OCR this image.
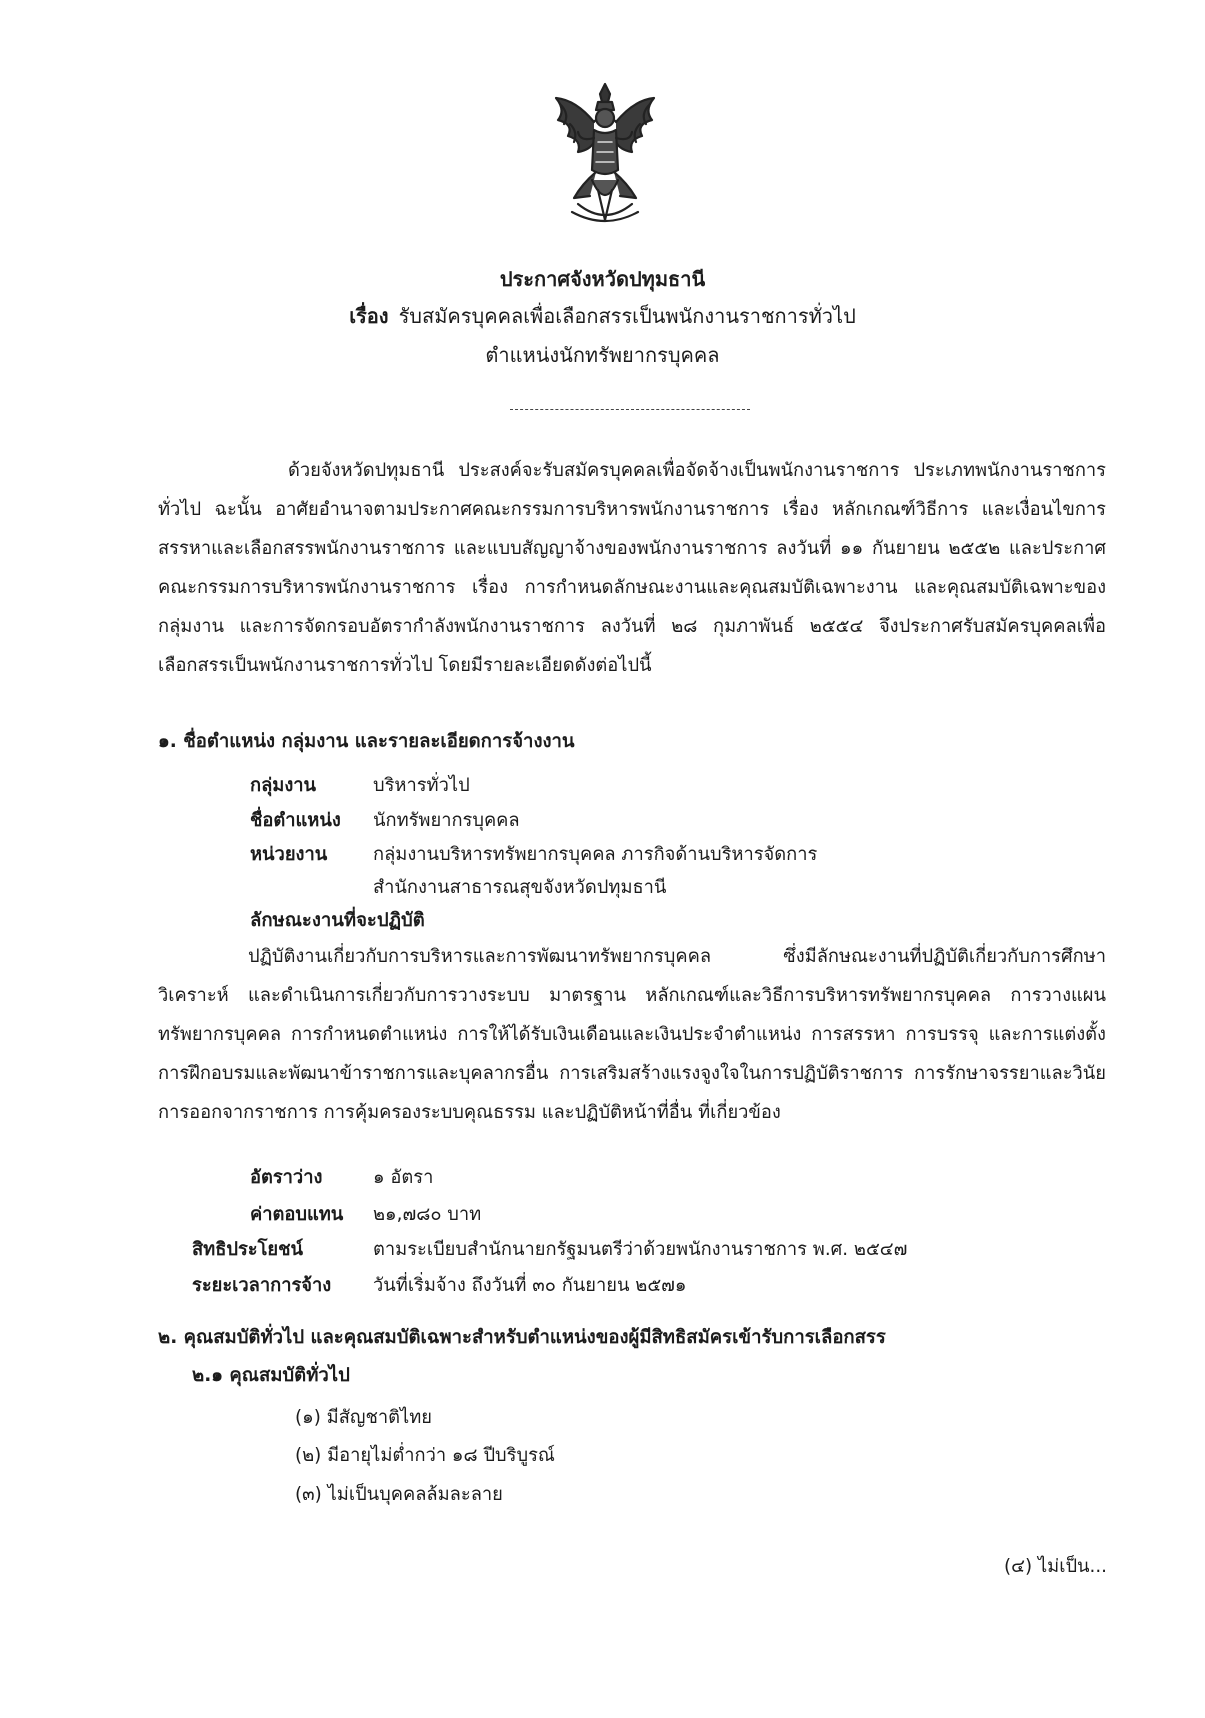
ประกาศจังหวัดปทุมธานี
เรื่อง รับสมัครบุคคลเพื่อเลือกสรรเป็นพนักงานราชการทั่วไป
ตำแหน่งนักทรัพยากรบุคคล

ด้วยจังหวัดปทุมธานี ประสงค์จะรับสมัครบุคคลเพื่อจัดจ้างเป็นพนักงานราชการ ประเภทพนักงานราชการทั่วไป ฉะนั้น อาศัยอำนาจตามประกาศคณะกรรมการบริหารพนักงานราชการ เรื่อง หลักเกณฑ์วิธีการ และเงื่อนไขการสรรหาและเลือกสรรพนักงานราชการ และแบบสัญญาจ้างของพนักงานราชการ ลงวันที่ ๑๑ กันยายน ๒๕๕๒ และประกาศคณะกรรมการบริหารพนักงานราชการ เรื่อง การกำหนดลักษณะงานและคุณสมบัติเฉพาะงาน และคุณสมบัติเฉพาะของกลุ่มงาน และการจัดกรอบอัตรากำลังพนักงานราชการ ลงวันที่ ๒๘ กุมภาพันธ์ ๒๕๕๔ จึงประกาศรับสมัครบุคคลเพื่อเลือกสรรเป็นพนักงานราชการทั่วไป โดยมีรายละเอียดดังต่อไปนี้

๑. ชื่อตำแหน่ง กลุ่มงาน และรายละเอียดการจ้างงาน
กลุ่มงาน	บริหารทั่วไป
ชื่อตำแหน่ง นักทรัพยากรบุคคล
หน่วยงาน	กลุ่มงานบริหารทรัพยากรบุคคล ภารกิจด้านบริหารจัดการ
สำนักงานสาธารณสุขจังหวัดปทุมธานี
ลักษณะงานที่จะปฏิบัติ

ปฏิบัติงานเกี่ยวกับการบริหารและการพัฒนาทรัพยากรบุคคล ซึ่งมีลักษณะงานที่ปฏิบัติเกี่ยวกับการศึกษา วิเคราะห์ และดำเนินการเกี่ยวกับการวางระบบ มาตรฐาน หลักเกณฑ์และวิธีการบริหารทรัพยากรบุคคล การวางแผนทรัพยากรบุคคล การกำหนดตำแหน่ง การให้ได้รับเงินเดือนและเงินประจำตำแหน่ง การสรรหา การบรรจุ และการแต่งตั้ง การฝึกอบรมและพัฒนาข้าราชการและบุคลากรอื่น การเสริมสร้างแรงจูงใจในการปฏิบัติราชการ การรักษาจรรยาและวินัย การออกจากราชการ การคุ้มครองระบบคุณธรรม และปฏิบัติหน้าที่อื่น ที่เกี่ยวข้อง

อัตราว่าง	๑ อัตรา
ค่าตอบแทน ๒๑,๗๘๐ บาท
สิทธิประโยชน์	ตามระเบียบสำนักนายกรัฐมนตรีว่าด้วยพนักงานราชการ พ.ศ. ๒๕๔๗
ระยะเวลาการจ้าง วันที่เริ่มจ้าง ถึงวันที่ ๓๐ กันยายน ๒๕๗๑
๒. คุณสมบัติทั่วไป และคุณสมบัติเฉพาะสำหรับตำแหน่งของผู้มีสิทธิสมัครเข้ารับการเลือกสรร
๒.๑ คุณสมบัติทั่วไป
(๑) มีสัญชาติไทย
(๒) มีอายุไม่ต่ำกว่า ๑๘ ปีบริบูรณ์
(๓) ไม่เป็นบุคคลล้มละลาย
(๔) ไม่เป็น...
